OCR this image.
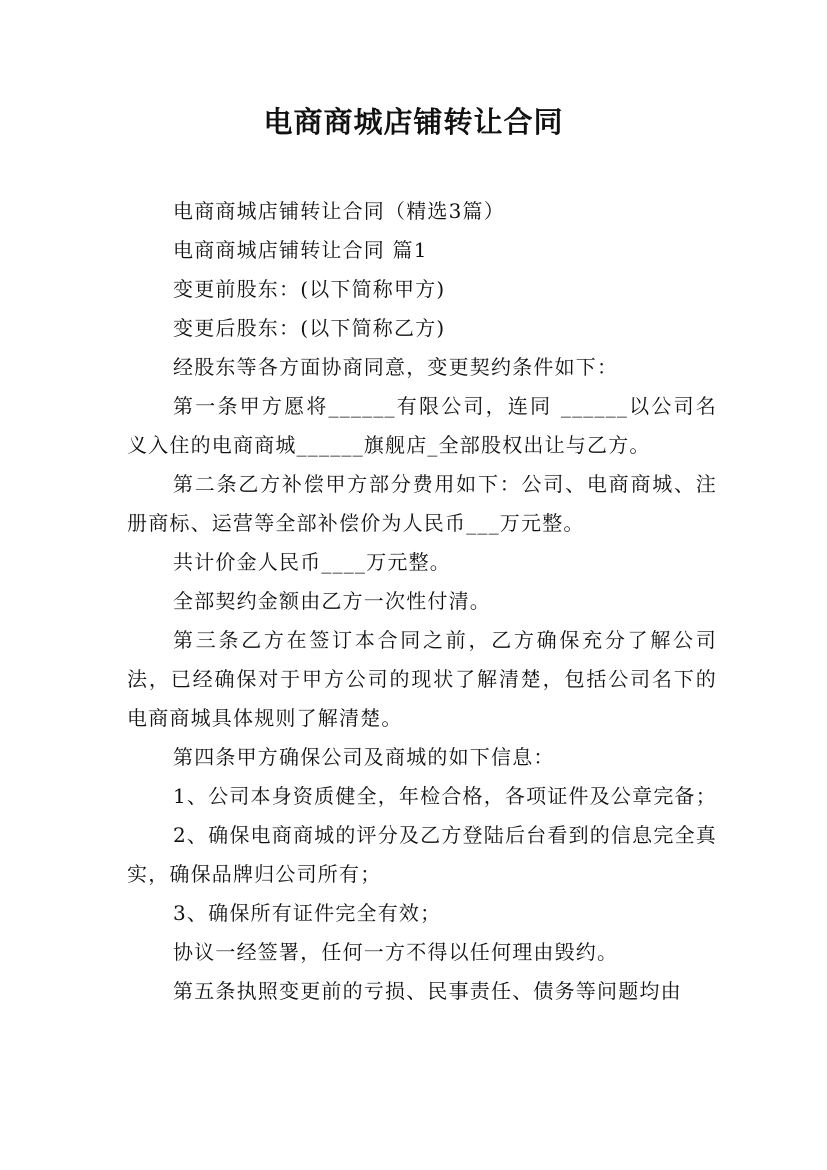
电商商城店铺转让合同

电商商城店铺转让合同（精选3篇）

电商商城店铺转让合同 篇1

变更前股东：(以下简称甲方)

变更后股东：(以下简称乙方)

经股东等各方面协商同意，变更契约条件如下：

第一条甲方愿将______有限公司，连同 ______以公司名义入住的电商商城______旗舰店_全部股权出让与乙方。

第二条乙方补偿甲方部分费用如下：公司、电商商城、注册商标、运营等全部补偿价为人民币___万元整。

共计价金人民币____万元整。

全部契约金额由乙方一次性付清。

第三条乙方在签订本合同之前，乙方确保充分了解公司法，已经确保对于甲方公司的现状了解清楚，包括公司名下的电商商城具体规则了解清楚。

第四条甲方确保公司及商城的如下信息：

1、公司本身资质健全，年检合格，各项证件及公章完备；

2、确保电商商城的评分及乙方登陆后台看到的信息完全真实，确保品牌归公司所有；

3、确保所有证件完全有效；

协议一经签署，任何一方不得以任何理由毁约。

第五条执照变更前的亏损、民事责任、债务等问题均由
